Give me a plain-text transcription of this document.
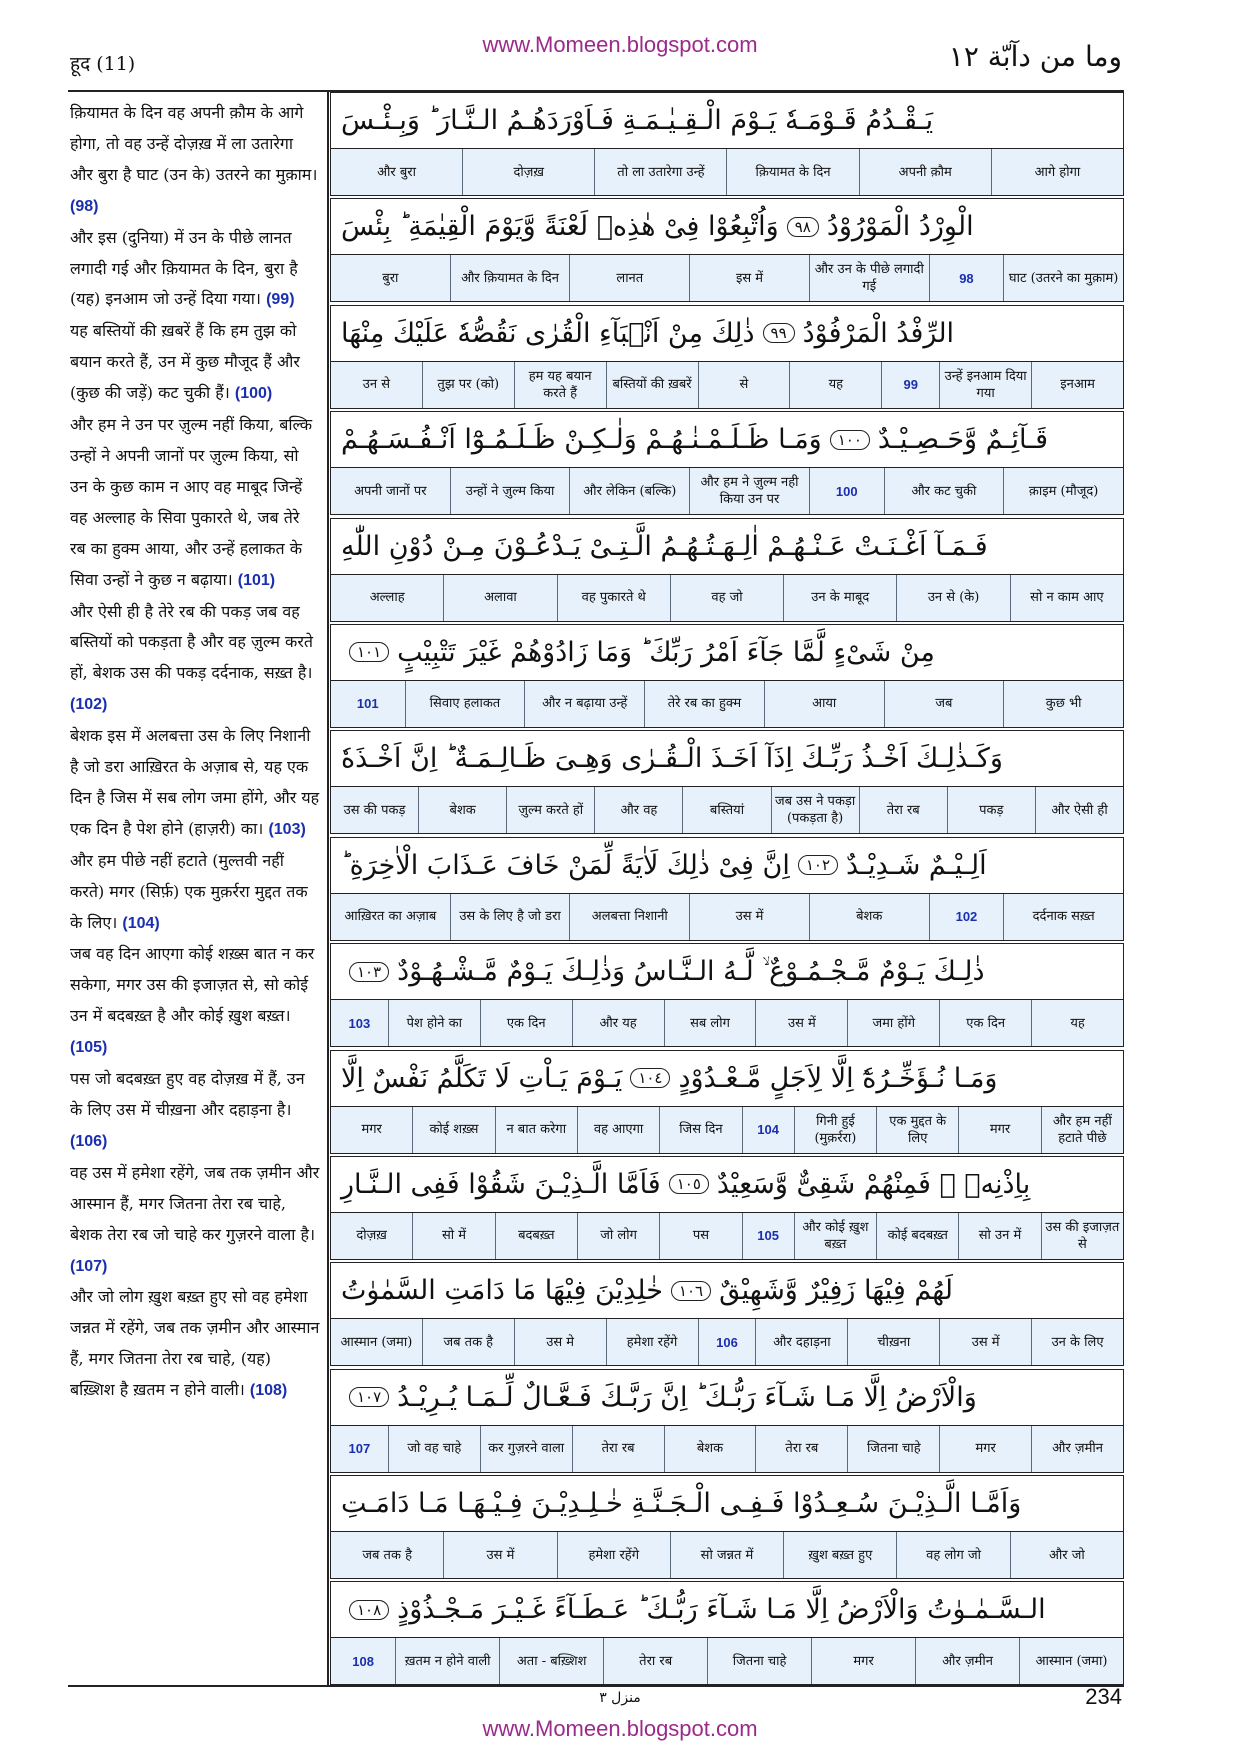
www.Momeen.blogspot.com
हूद (11)	وما من دآبّة ١٢
क़ियामत के दिन वह अपनी क़ौम के आगे होगा, तो वह उन्हें दोज़ख़ में ला उतारेगा और बुरा है घाट (उन के) उतरने का मुक़ाम। (98)
और इस (दुनिया) में उन के पीछे लानत लगादी गई और क़ियामत के दिन, बुरा है (यह) इनआम जो उन्हें दिया गया। (99)
यह बस्तियों की ख़बरें हैं कि हम तुझ को बयान करते हैं, उन में कुछ मौजूद हैं और (कुछ की जड़ें) कट चुकी हैं। (100)
और हम ने उन पर ज़ुल्म नहीं किया, बल्कि उन्हों ने अपनी जानों पर ज़ुल्म किया, सो उन के कुछ काम न आए वह माबूद जिन्हें वह अल्लाह के सिवा पुकारते थे, जब तेरे रब का हुक्म आया, और उन्हें हलाकत के सिवा उन्हों ने कुछ न बढ़ाया। (101)
और ऐसी ही है तेरे रब की पकड़ जब वह बस्तियों को पकड़ता है और वह ज़ुल्म करते हों, बेशक उस की पकड़ दर्दनाक, सख़्त है। (102)
बेशक इस में अलबत्ता उस के लिए निशानी है जो डरा आख़िरत के अज़ाब से, यह एक दिन है जिस में सब लोग जमा होंगे, और यह एक दिन है पेश होने (हाज़री) का। (103)
और हम पीछे नहीं हटाते (मुल्तवी नहीं करते) मगर (सिर्फ़) एक मुक़र्ररा मुद्दत तक के लिए। (104)
जब वह दिन आएगा कोई शख़्स बात न कर सकेगा, मगर उस की इजाज़त से, सो कोई उन में बदबख़्त है और कोई ख़ुश बख़्त। (105)
पस जो बदबख़्त हुए वह दोज़ख़ में हैं, उन के लिए उस में चीख़ना और दहाड़ना है। (106)
वह उस में हमेशा रहेंगे, जब तक ज़मीन और आस्मान हैं, मगर जितना तेरा रब चाहे, बेशक तेरा रब जो चाहे कर गुज़रने वाला है। (107)
और जो लोग ख़ुश बख़्त हुए सो वह हमेशा जन्नत में रहेंगे, जब तक ज़मीन और आस्मान हैं, मगर जितना तेरा रब चाहे, (यह) बख़्शिश है ख़तम न होने वाली। (108)

يَـقْـدُمُ قَـوْمَـهٗ يَـوْمَ الْـقِـيٰـمَـةِ فَـاَوْرَدَهُـمُ الـنَّـارَ ؕ وَبِـئْـسَ
आगे होगा
अपनी क़ौम
क़ियामत के दिन
तो ला उतारेगा उन्हें
दोज़ख़
और बुरा
الْوِرْدُ الْمَوْرُوْدُ
٩٨
وَاُتْبِعُوْا فِىْ هٰذِهٖ لَعْنَةً وَّيَوْمَ الْقِيٰمَةِ ؕ بِئْسَ
घाट (उतरने का मुक़ाम)
98
और उन के पीछे लगादी गई
इस में
लानत
और क़ियामत के दिन
बुरा
الرِّفْدُ الْمَرْفُوْدُ
٩٩
ذٰلِكَ مِنْ اَنْۢبَآءِ الْقُرٰى نَقُصُّهٗ عَلَيْكَ مِنْهَا
इनआम
उन्हें इनआम दिया गया
99
यह
से
बस्तियों की ख़बरें
हम यह बयान करते हैं
तुझ पर (को)
उन से
قَـآئِـمٌ وَّحَـصِـيْـدٌ
١٠٠
وَمَـا ظَـلَـمْـنٰـهُـمْ وَلٰـكِـنْ ظَـلَـمُـوْٓا اَنْـفُـسَـهُـمْ
क़ाइम (मौजूद)
और कट चुकी
100
और हम ने ज़ुल्म नही किया उन पर
और लेकिन (बल्कि)
उन्हों ने ज़ुल्म किया
अपनी जानों पर
فَـمَـآ اَغْـنَـتْ عَـنْـهُـمْ اٰلِـهَـتُـهُـمُ الَّـتِـىْ يَـدْعُـوْنَ مِـنْ دُوْنِ اللّٰهِ
सो न काम आए
उन से (के)
उन के माबूद
वह जो
वह पुकारते थे
अलावा
अल्लाह
مِنْ شَىْءٍ لَّمَّا جَآءَ اَمْرُ رَبِّكَ ؕ وَمَا زَادُوْهُمْ غَيْرَ تَتْبِيْبٍ
١٠١
कुछ भी
जब
आया
तेरे रब का हुक्म
और न बढ़ाया उन्हें
सिवाए हलाकत
101
وَكَـذٰلِـكَ اَخْـذُ رَبِّـكَ اِذَآ اَخَـذَ الْـقُـرٰى وَهِـىَ ظَـالِـمَـةٌ ؕ اِنَّ اَخْـذَهٗ
और ऐसी ही
पकड़
तेरा रब
जब उस ने पकड़ा (पकड़ता है)
बस्तियां
और वह
ज़ुल्म करते हों
बेशक
उस की पकड़
اَلِـيْـمٌ شَـدِيْـدٌ
١٠٢
اِنَّ فِىْ ذٰلِكَ لَاٰيَةً لِّمَنْ خَافَ عَـذَابَ الْاٰخِرَةِ ؕ
दर्दनाक सख़्त
102
बेशक
उस में
अलबत्ता निशानी
उस के लिए है जो डरा
आख़िरत का अज़ाब
ذٰلِـكَ يَـوْمٌ مَّـجْـمُـوْعٌ ۙ لَّـهُ الـنَّـاسُ وَذٰلِـكَ يَـوْمٌ مَّـشْـهُـوْدٌ
١٠٣
यह
एक दिन
जमा होंगे
उस में
सब लोग
और यह
एक दिन
पेश होने का
103
وَمَـا نُـؤَخِّـرُهٗٓ اِلَّا لِاَجَلٍ مَّـعْـدُوْدٍ
١٠٤
يَـوْمَ يَـاْتِ لَا تَكَلَّمُ نَفْسٌ اِلَّا
और हम नहीं हटाते पीछे
मगर
एक मुद्दत के लिए
गिनी हुई (मुक़र्ररा)
104
जिस दिन
वह आएगा
न बात करेगा
कोई शख़्स
मगर
بِاِذْنِهٖ ۚ فَمِنْهُمْ شَقِىٌّ وَّسَعِيْدٌ
١٠٥
فَاَمَّا الَّـذِيْـنَ شَقُوْا فَفِى الـنَّـارِ
उस की इजाज़त से
सो उन में
कोई बदबख़्त
और कोई ख़ुश बख़्त
105
पस
जो लोग
बदबख़्त
सो में
दोज़ख़
لَهُمْ فِيْهَا زَفِيْرٌ وَّشَهِيْقٌ
١٠٦
خٰلِدِيْنَ فِيْهَا مَا دَامَتِ السَّمٰوٰتُ
उन के लिए
उस में
चीख़ना
और दहाड़ना
106
हमेशा रहेंगे
उस मे
जब तक है
आस्मान (जमा)
وَالْاَرْضُ اِلَّا مَـا شَـآءَ رَبُّـكَ ؕ اِنَّ رَبَّـكَ فَـعَّـالٌ لِّـمَـا يُـرِيْـدُ
١٠٧
और ज़मीन
मगर
जितना चाहे
तेरा रब
बेशक
तेरा रब
कर गुज़रने वाला
जो वह चाहे
107
وَاَمَّـا الَّـذِيْـنَ سُـعِـدُوْا فَـفِـى الْـجَـنَّـةِ خٰـلِـدِيْـنَ فِـيْـهَـا مَـا دَامَـتِ
और जो
वह लोग जो
ख़ुश बख़्त हुए
सो जन्नत में
हमेशा रहेंगे
उस में
जब तक है
الـسَّـمٰـوٰتُ وَالْاَرْضُ اِلَّا مَـا شَـآءَ رَبُّـكَ ؕ عَـطَـآءً غَـيْـرَ مَـجْـذُوْذٍ
١٠٨
आस्मान (जमा)
और ज़मीन
मगर
जितना चाहे
तेरा रब
अता - बख़्शिश
ख़तम न होने वाली
108
منزل ٣	234
www.Momeen.blogspot.com
